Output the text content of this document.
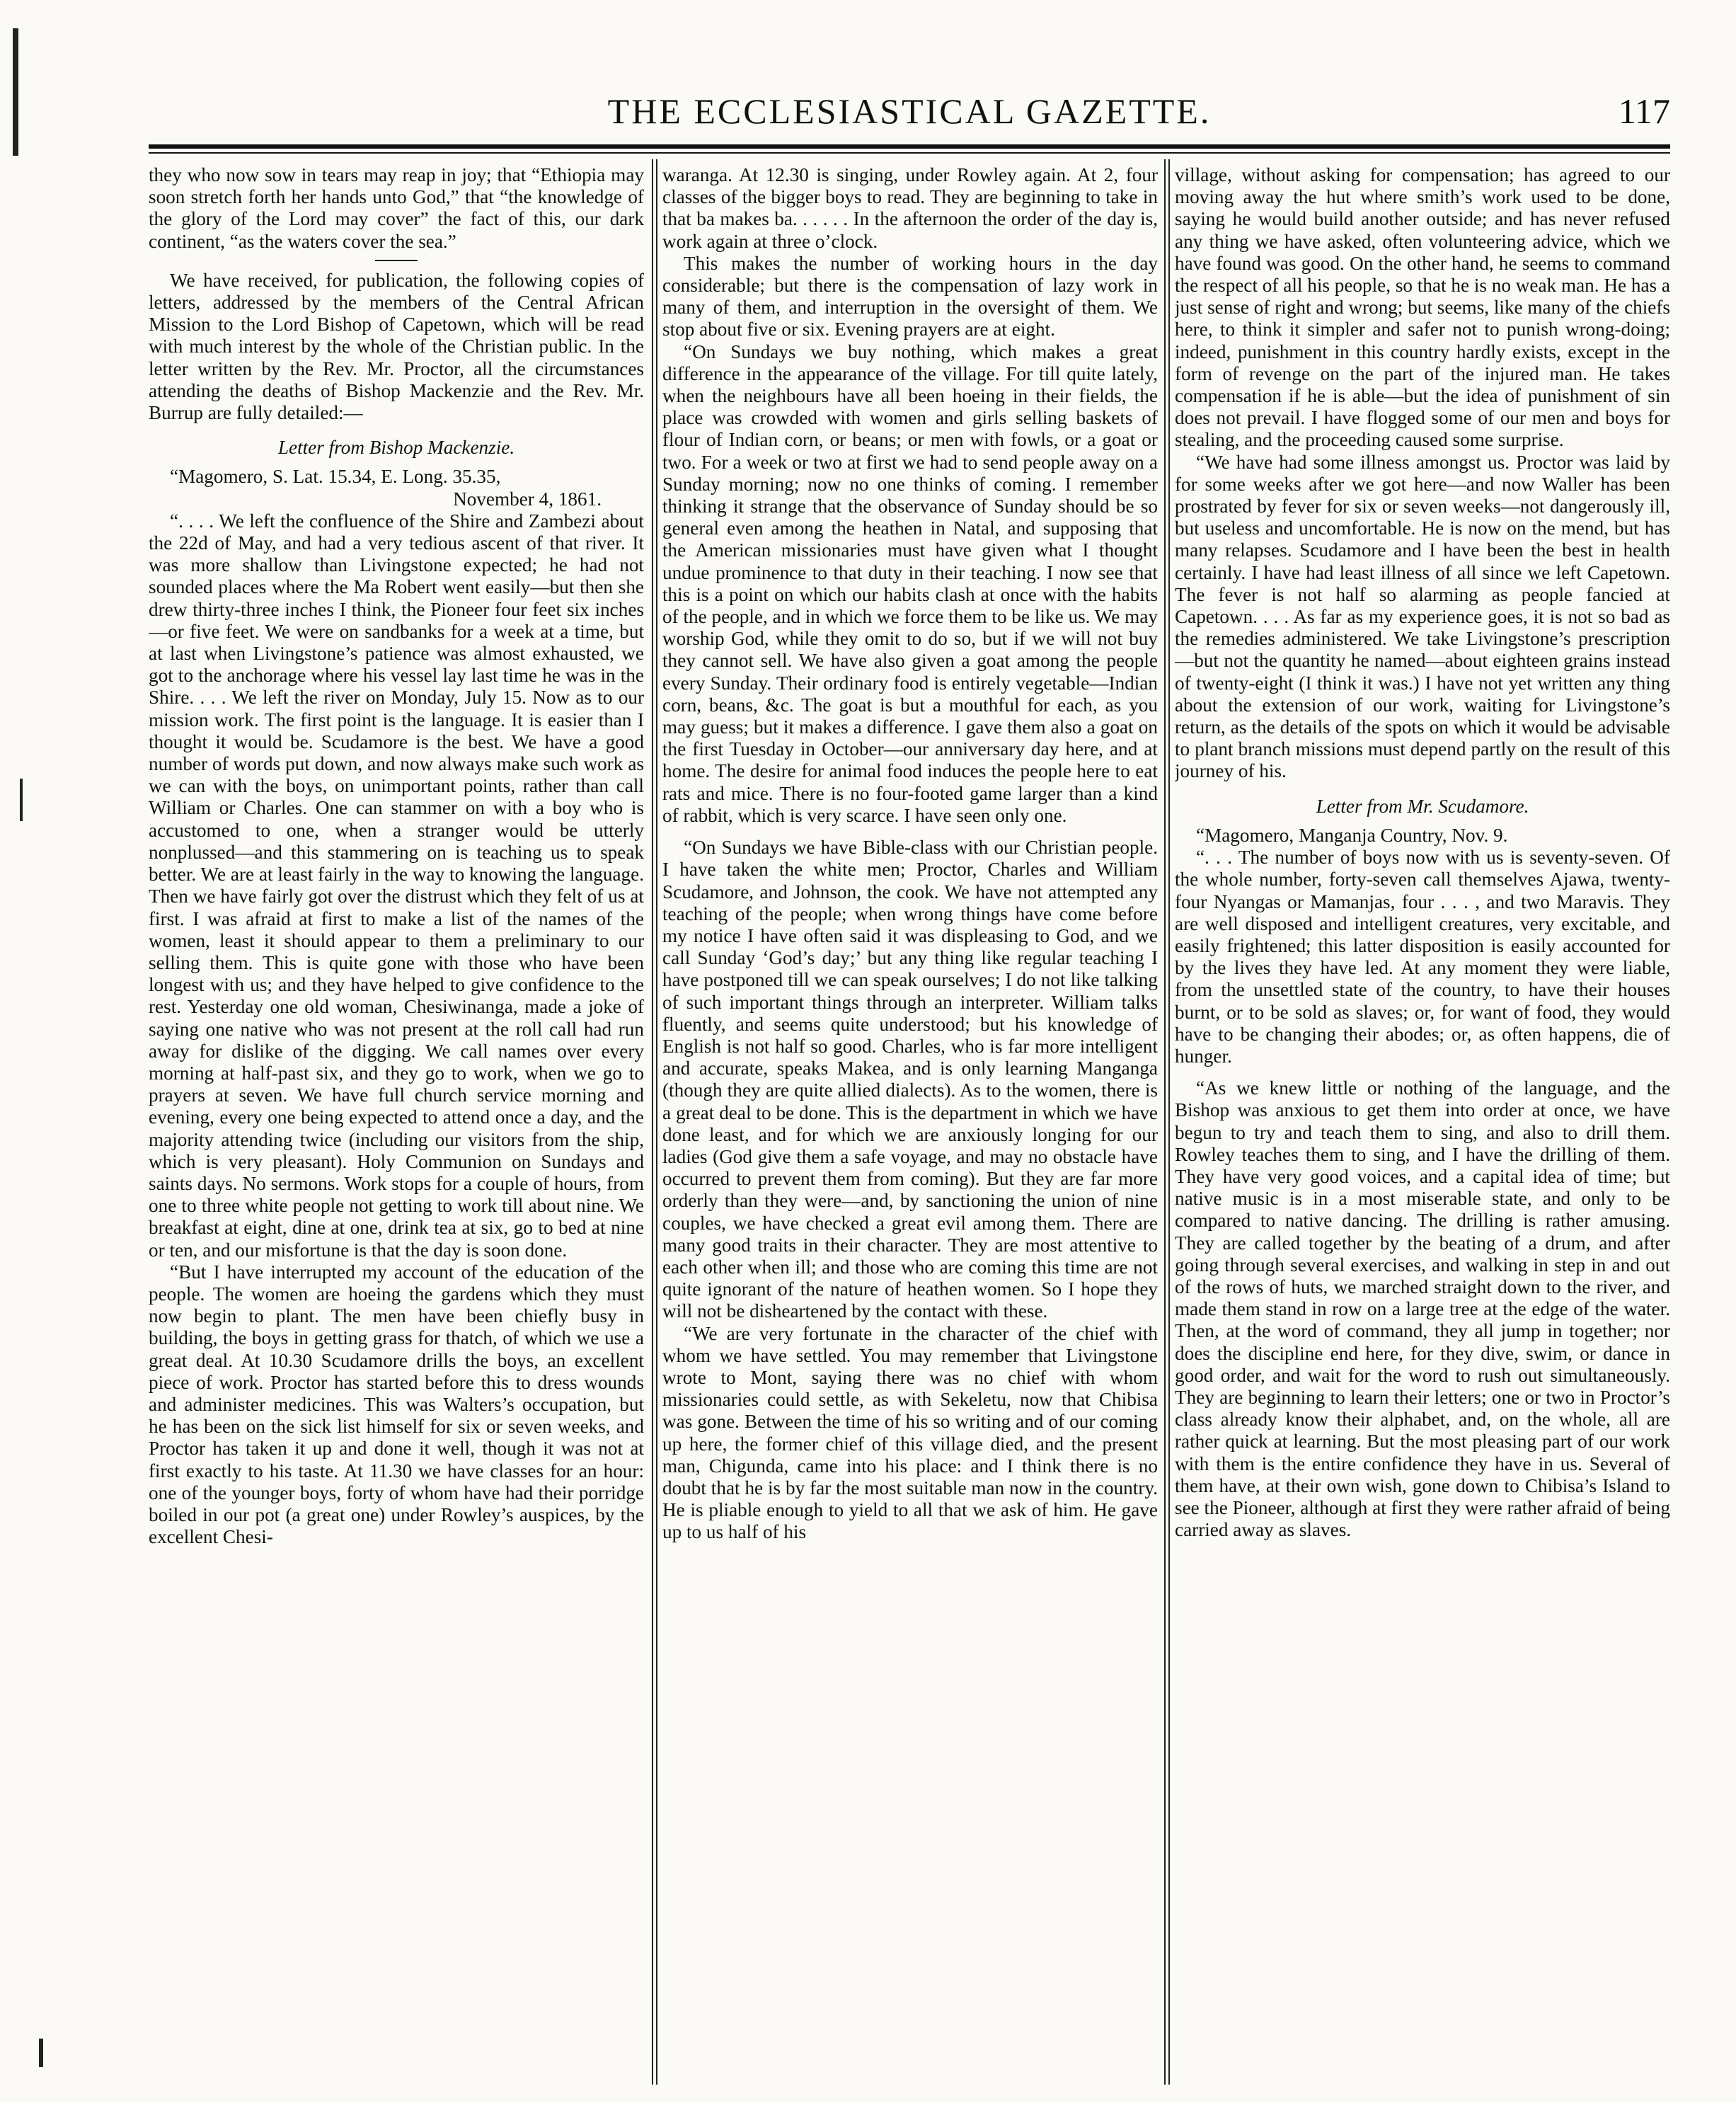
THE ECCLESIASTICAL GAZETTE.	117

they who now sow in tears may reap in joy; that “Ethiopia may soon stretch forth her hands unto God,” that “the knowledge of the glory of the Lord may cover” the fact of this, our dark continent, “as the waters cover the sea.”

We have received, for publication, the following copies of letters, addressed by the members of the Central African Mission to the Lord Bishop of Capetown, which will be read with much interest by the whole of the Christian public. In the letter written by the Rev. Mr. Proctor, all the circumstances attending the deaths of Bishop Mackenzie and the Rev. Mr. Burrup are fully detailed:—

Letter from Bishop Mackenzie.

“Magomero, S. Lat. 15.34, E. Long. 35.35,

November 4, 1861.

“. . . . We left the confluence of the Shire and Zambezi about the 22d of May, and had a very tedious ascent of that river. It was more shallow than Livingstone expected; he had not sounded places where the Ma Robert went easily—but then she drew thirty-three inches I think, the Pioneer four feet six inches—or five feet. We were on sandbanks for a week at a time, but at last when Livingstone’s patience was almost exhausted, we got to the anchorage where his vessel lay last time he was in the Shire. . . . We left the river on Monday, July 15. Now as to our mission work. The first point is the language. It is easier than I thought it would be. Scudamore is the best. We have a good number of words put down, and now always make such work as we can with the boys, on unimportant points, rather than call William or Charles. One can stammer on with a boy who is accustomed to one, when a stranger would be utterly nonplussed—and this stammering on is teaching us to speak better. We are at least fairly in the way to knowing the language. Then we have fairly got over the distrust which they felt of us at first. I was afraid at first to make a list of the names of the women, least it should appear to them a preliminary to our selling them. This is quite gone with those who have been longest with us; and they have helped to give confidence to the rest. Yesterday one old woman, Chesiwinanga, made a joke of saying one native who was not present at the roll call had run away for dislike of the digging. We call names over every morning at half-past six, and they go to work, when we go to prayers at seven. We have full church service morning and evening, every one being expected to attend once a day, and the majority attending twice (including our visitors from the ship, which is very pleasant). Holy Communion on Sundays and saints days. No sermons. Work stops for a couple of hours, from one to three white people not getting to work till about nine. We breakfast at eight, dine at one, drink tea at six, go to bed at nine or ten, and our misfortune is that the day is soon done.

“But I have interrupted my account of the education of the people. The women are hoeing the gardens which they must now begin to plant. The men have been chiefly busy in building, the boys in getting grass for thatch, of which we use a great deal. At 10.30 Scudamore drills the boys, an excellent piece of work. Proctor has started before this to dress wounds and administer medicines. This was Walters’s occupation, but he has been on the sick list himself for six or seven weeks, and Proctor has taken it up and done it well, though it was not at first exactly to his taste. At 11.30 we have classes for an hour: one of the younger boys, forty of whom have had their porridge boiled in our pot (a great one) under Rowley’s auspices, by the excellent Chesi-

waranga. At 12.30 is singing, under Rowley again. At 2, four classes of the bigger boys to read. They are beginning to take in that ba makes ba. . . . . . In the afternoon the order of the day is, work again at three o’clock.

This makes the number of working hours in the day considerable; but there is the compensation of lazy work in many of them, and interruption in the oversight of them. We stop about five or six. Evening prayers are at eight.

“On Sundays we buy nothing, which makes a great difference in the appearance of the village. For till quite lately, when the neighbours have all been hoeing in their fields, the place was crowded with women and girls selling baskets of flour of Indian corn, or beans; or men with fowls, or a goat or two. For a week or two at first we had to send people away on a Sunday morning; now no one thinks of coming. I remember thinking it strange that the observance of Sunday should be so general even among the heathen in Natal, and supposing that the American missionaries must have given what I thought undue prominence to that duty in their teaching. I now see that this is a point on which our habits clash at once with the habits of the people, and in which we force them to be like us. We may worship God, while they omit to do so, but if we will not buy they cannot sell. We have also given a goat among the people every Sunday. Their ordinary food is entirely vegetable—Indian corn, beans, &c. The goat is but a mouthful for each, as you may guess; but it makes a difference. I gave them also a goat on the first Tuesday in October—our anniversary day here, and at home. The desire for animal food induces the people here to eat rats and mice. There is no four-footed game larger than a kind of rabbit, which is very scarce. I have seen only one.

“On Sundays we have Bible-class with our Christian people. I have taken the white men; Proctor, Charles and William Scudamore, and Johnson, the cook. We have not attempted any teaching of the people; when wrong things have come before my notice I have often said it was displeasing to God, and we call Sunday ‘God’s day;’ but any thing like regular teaching I have postponed till we can speak ourselves; I do not like talking of such important things through an interpreter. William talks fluently, and seems quite understood; but his knowledge of English is not half so good. Charles, who is far more intelligent and accurate, speaks Makea, and is only learning Manganga (though they are quite allied dialects). As to the women, there is a great deal to be done. This is the department in which we have done least, and for which we are anxiously longing for our ladies (God give them a safe voyage, and may no obstacle have occurred to prevent them from coming). But they are far more orderly than they were—and, by sanctioning the union of nine couples, we have checked a great evil among them. There are many good traits in their character. They are most attentive to each other when ill; and those who are coming this time are not quite ignorant of the nature of heathen women. So I hope they will not be disheartened by the contact with these.

“We are very fortunate in the character of the chief with whom we have settled. You may remember that Livingstone wrote to Mont, saying there was no chief with whom missionaries could settle, as with Sekeletu, now that Chibisa was gone. Between the time of his so writing and of our coming up here, the former chief of this village died, and the present man, Chigunda, came into his place: and I think there is no doubt that he is by far the most suitable man now in the country. He is pliable enough to yield to all that we ask of him. He gave up to us half of his

village, without asking for compensation; has agreed to our moving away the hut where smith’s work used to be done, saying he would build another outside; and has never refused any thing we have asked, often volunteering advice, which we have found was good. On the other hand, he seems to command the respect of all his people, so that he is no weak man. He has a just sense of right and wrong; but seems, like many of the chiefs here, to think it simpler and safer not to punish wrong-doing; indeed, punishment in this country hardly exists, except in the form of revenge on the part of the injured man. He takes compensation if he is able—but the idea of punishment of sin does not prevail. I have flogged some of our men and boys for stealing, and the proceeding caused some surprise.

“We have had some illness amongst us. Proctor was laid by for some weeks after we got here—and now Waller has been prostrated by fever for six or seven weeks—not dangerously ill, but useless and uncomfortable. He is now on the mend, but has many relapses. Scudamore and I have been the best in health certainly. I have had least illness of all since we left Capetown. The fever is not half so alarming as people fancied at Capetown. . . . As far as my experience goes, it is not so bad as the remedies administered. We take Livingstone’s prescription—but not the quantity he named—about eighteen grains instead of twenty-eight (I think it was.) I have not yet written any thing about the extension of our work, waiting for Livingstone’s return, as the details of the spots on which it would be advisable to plant branch missions must depend partly on the result of this journey of his.

Letter from Mr. Scudamore.

“Magomero, Manganja Country, Nov. 9.

“. . . The number of boys now with us is seventy-seven. Of the whole number, forty-seven call themselves Ajawa, twenty-four Nyangas or Mamanjas, four . . . , and two Maravis. They are well disposed and intelligent creatures, very excitable, and easily frightened; this latter disposition is easily accounted for by the lives they have led. At any moment they were liable, from the unsettled state of the country, to have their houses burnt, or to be sold as slaves; or, for want of food, they would have to be changing their abodes; or, as often happens, die of hunger.

“As we knew little or nothing of the language, and the Bishop was anxious to get them into order at once, we have begun to try and teach them to sing, and also to drill them. Rowley teaches them to sing, and I have the drilling of them. They have very good voices, and a capital idea of time; but native music is in a most miserable state, and only to be compared to native dancing. The drilling is rather amusing. They are called together by the beating of a drum, and after going through several exercises, and walking in step in and out of the rows of huts, we marched straight down to the river, and made them stand in row on a large tree at the edge of the water. Then, at the word of command, they all jump in together; nor does the discipline end here, for they dive, swim, or dance in good order, and wait for the word to rush out simultaneously. They are beginning to learn their letters; one or two in Proctor’s class already know their alphabet, and, on the whole, all are rather quick at learning. But the most pleasing part of our work with them is the entire confidence they have in us. Several of them have, at their own wish, gone down to Chibisa’s Island to see the Pioneer, although at first they were rather afraid of being carried away as slaves.
